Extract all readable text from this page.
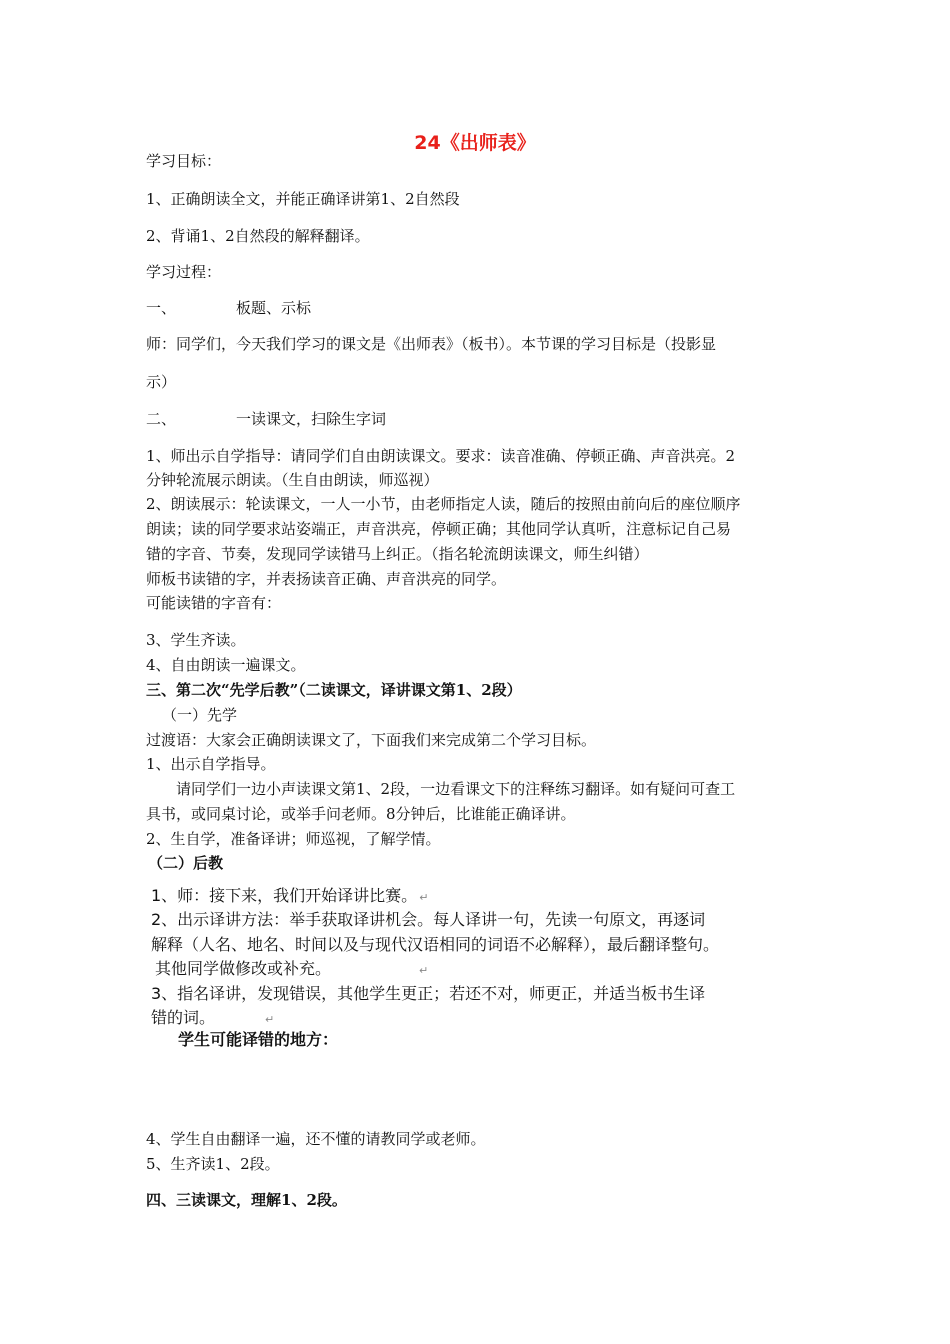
24《出师表》
学习目标：
1、正确朗读全文，并能正确译讲第1、2自然段
2、背诵1、2自然段的解释翻译。
学习过程：
一、	板题、示标
师：同学们，今天我们学习的课文是《出师表》（板书）。本节课的学习目标是（投影显
示）
二、	一读课文，扫除生字词
1、师出示自学指导：请同学们自由朗读课文。要求：读音准确、停顿正确、声音洪亮。2
分钟轮流展示朗读。（生自由朗读，师巡视）
2、朗读展示：轮读课文，一人一小节，由老师指定人读，随后的按照由前向后的座位顺序
朗读；读的同学要求站姿端正，声音洪亮，停顿正确；其他同学认真听，注意标记自己易
错的字音、节奏，发现同学读错马上纠正。（指名轮流朗读课文，师生纠错）
师板书读错的字，并表扬读音正确、声音洪亮的同学。
可能读错的字音有：
3、学生齐读。
4、自由朗读一遍课文。
三、第二次“先学后教”（二读课文，译讲课文第1、2段）
（一）先学
过渡语：大家会正确朗读课文了，下面我们来完成第二个学习目标。
1、出示自学指导。
请同学们一边小声读课文第1、2段，一边看课文下的注释练习翻译。如有疑问可查工
具书，或同桌讨论，或举手问老师。8分钟后，比谁能正确译讲。
2、生自学，准备译讲；师巡视，了解学情。
（二）后教
1、师：接下来，我们开始译讲比赛。 ↵
2、出示译讲方法：举手获取译讲机会。每人译讲一句，先读一句原文，再逐词
解释（人名、地名、时间以及与现代汉语相同的词语不必解释），最后翻译整句。
其他同学做修改或补充。	↵
3、指名译讲，发现错误，其他学生更正；若还不对，师更正，并适当板书生译
错的词。	↵
学生可能译错的地方：
4、学生自由翻译一遍，还不懂的请教同学或老师。
5、生齐读1、2段。
四、三读课文，理解1、2段。
